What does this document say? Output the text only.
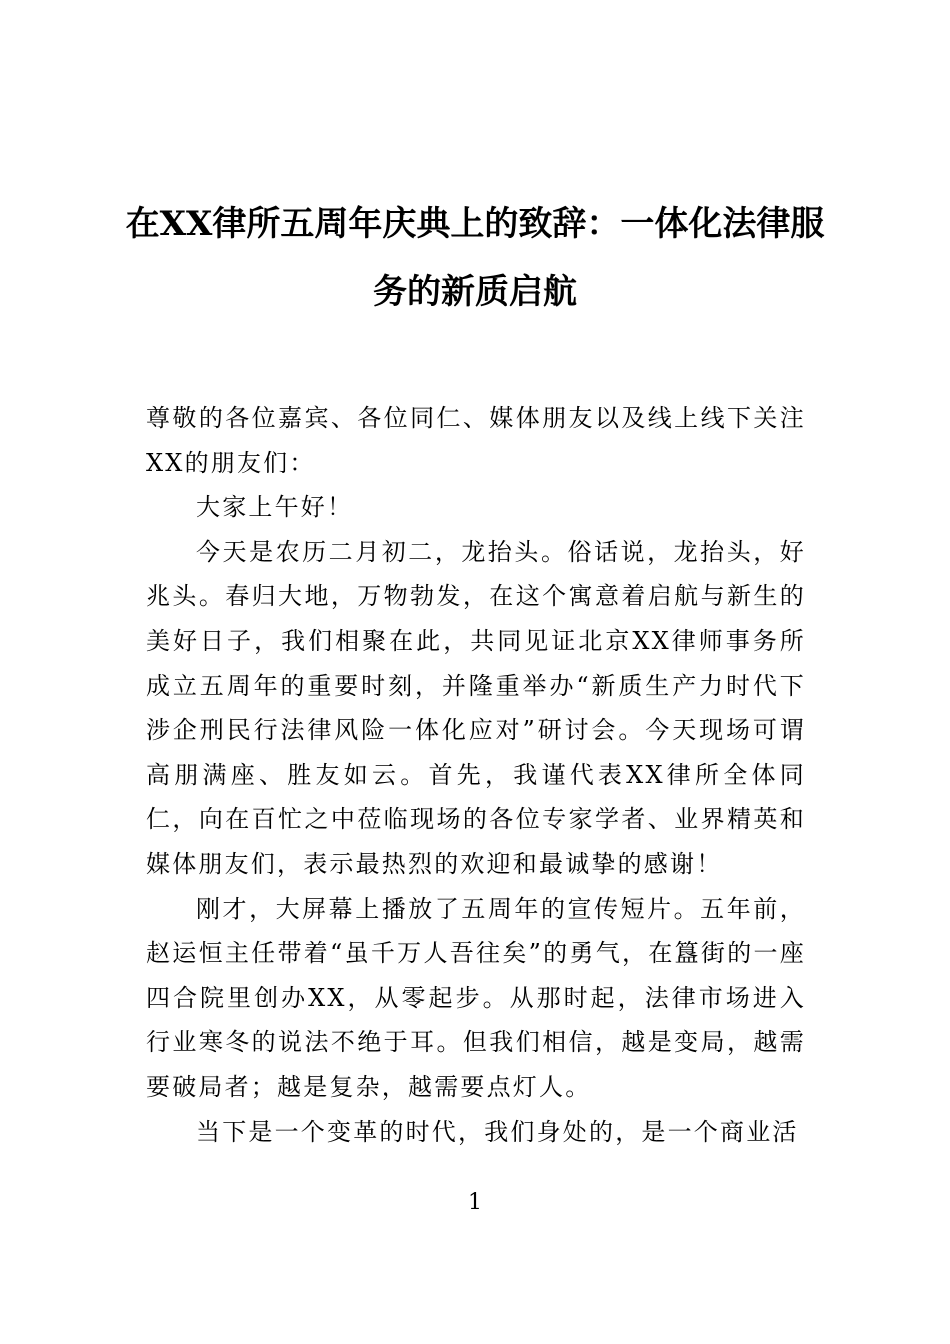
在XX律所五周年庆典上的致辞：一体化法律服务的新质启航

尊敬的各位嘉宾、各位同仁、媒体朋友以及线上线下关注XX的朋友们：

大家上午好！

今天是农历二月初二，龙抬头。俗话说，龙抬头，好兆头。春归大地，万物勃发，在这个寓意着启航与新生的美好日子，我们相聚在此，共同见证北京XX律师事务所成立五周年的重要时刻，并隆重举办“新质生产力时代下涉企刑民行法律风险一体化应对”研讨会。今天现场可谓高朋满座、胜友如云。首先，我谨代表XX律所全体同仁，向在百忙之中莅临现场的各位专家学者、业界精英和媒体朋友们，表示最热烈的欢迎和最诚挚的感谢！

刚才，大屏幕上播放了五周年的宣传短片。五年前，赵运恒主任带着“虽千万人吾往矣”的勇气，在簋街的一座四合院里创办XX，从零起步。从那时起，法律市场进入行业寒冬的说法不绝于耳。但我们相信，越是变局，越需要破局者；越是复杂，越需要点灯人。

当下是一个变革的时代，我们身处的，是一个商业活

1
